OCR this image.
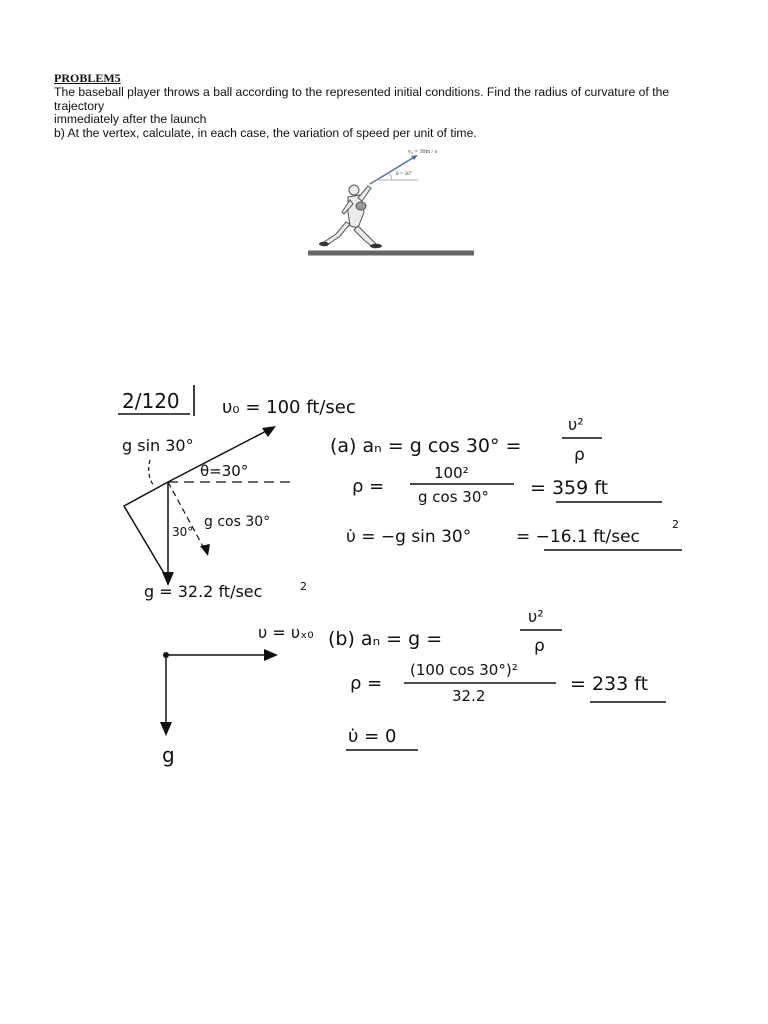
PROBLEM5

The baseball player throws a ball according to the represented initial conditions. Find the radius of curvature of the trajectory

immediately after the launch

b) At the vertex, calculate, in each case, the variation of speed per unit of time.

v₀ = 30m / s
θ = 30°
2/120 υ₀ = 100 ft/sec
g sin 30°
θ=30°
30°
g cos 30°
g = 32.2 ft/sec	2
(a) aₙ = g cos 30° =
υ²
ρ
ρ =
100²
g cos 30° = 359 ft
υ̇ = −g sin 30°	= −16.1 ft/sec
2
υ = υₓ₀
g
(b) aₙ = g =
υ²
ρ
ρ =
(100 cos 30°)²
32.2
= 233 ft
υ̇ = 0
